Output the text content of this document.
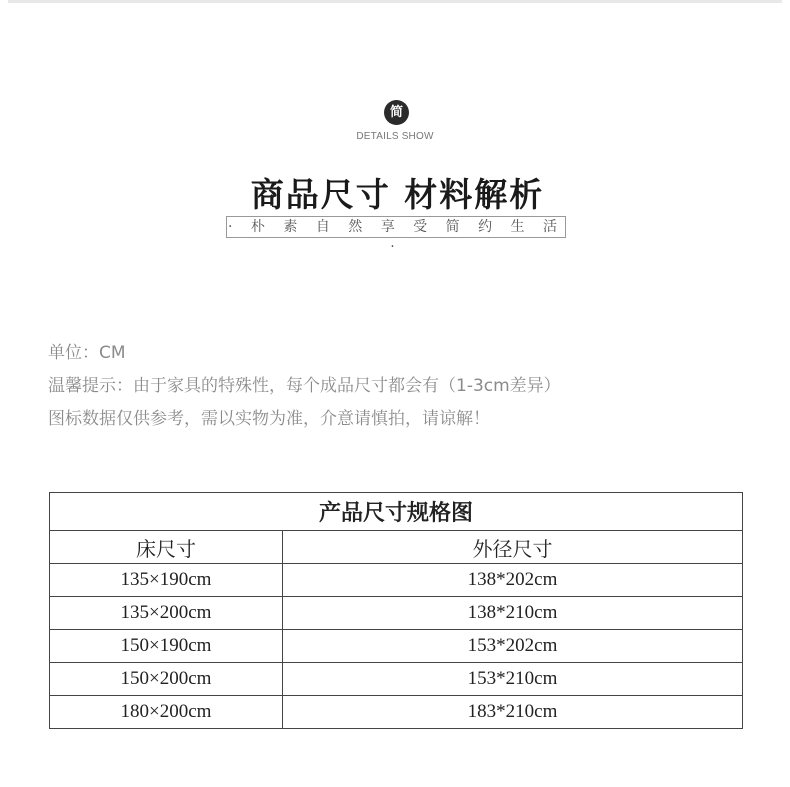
简
DETAILS SHOW
商品尺寸 材料解析
· 朴 素 自 然 享 受 简 约 生 活 ·
单位：CM
温馨提示：由于家具的特殊性，每个成品尺寸都会有（1-3cm差异）
图标数据仅供参考，需以实物为准，介意请慎拍，请谅解！
产品尺寸规格图	
床尺寸	外径尺寸
135×190cm	138*202cm
135×200cm	138*210cm
150×190cm	153*202cm
150×200cm	153*210cm
180×200cm	183*210cm
